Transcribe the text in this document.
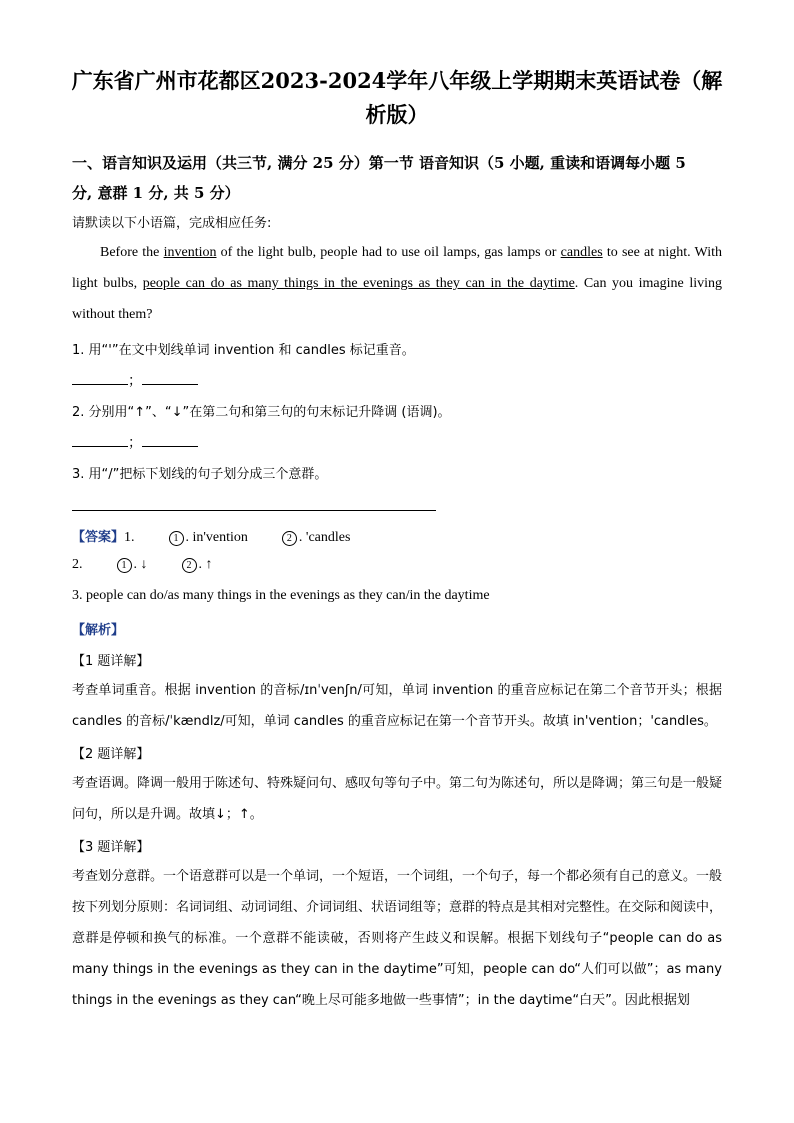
广东省广州市花都区2023-2024学年八年级上学期期末英语试卷（解
析版）
一、语言知识及运用（共三节, 满分 25 分）第一节 语音知识（5 小题, 重读和语调每小题 5
分, 意群 1 分, 共 5 分）
请默读以下小语篇，完成相应任务:
Before the invention of the light bulb, people had to use oil lamps, gas lamps or candles to see at night. With light bulbs, people can do as many things in the evenings as they can in the daytime. Can you imagine living without them?
1. 用“'”在文中划线单词 invention 和 candles 标记重音。
；
2. 分别用“↑”、“↓”在第二句和第三句的句末标记升降调 (语调)。
；
3. 用“/”把标下划线的句子划分成三个意群。
【答案】1.	1 . in'vention	2 . 'candles
2.	1 . ↓	2 . ↑
3. people can do/as many things in the evenings as they can/in the daytime
【解析】
【1 题详解】
考查单词重音。根据 invention 的音标/ɪnˈvenʃn/可知，单词 invention 的重音应标记在第二个音节开头；根据 candles 的音标/ˈkændlz/可知，单词 candles 的重音应标记在第一个音节开头。故填 in'vention；'candles。
【2 题详解】
考查语调。降调一般用于陈述句、特殊疑问句、感叹句等句子中。第二句为陈述句，所以是降调；第三句是一般疑问句，所以是升调。故填↓；↑。
【3 题详解】
考查划分意群。一个语意群可以是一个单词，一个短语，一个词组，一个句子，每一个都必须有自己的意义。一般按下列划分原则：名词词组、动词词组、介词词组、状语词组等；意群的特点是其相对完整性。在交际和阅读中，意群是停顿和换气的标准。一个意群不能读破，否则将产生歧义和误解。根据下划线句子“people can do as many things in the evenings as they can in the daytime”可知，people can do“人们可以做”；as many things in the evenings as they can“晚上尽可能多地做一些事情”；in the daytime“白天”。因此根据划
